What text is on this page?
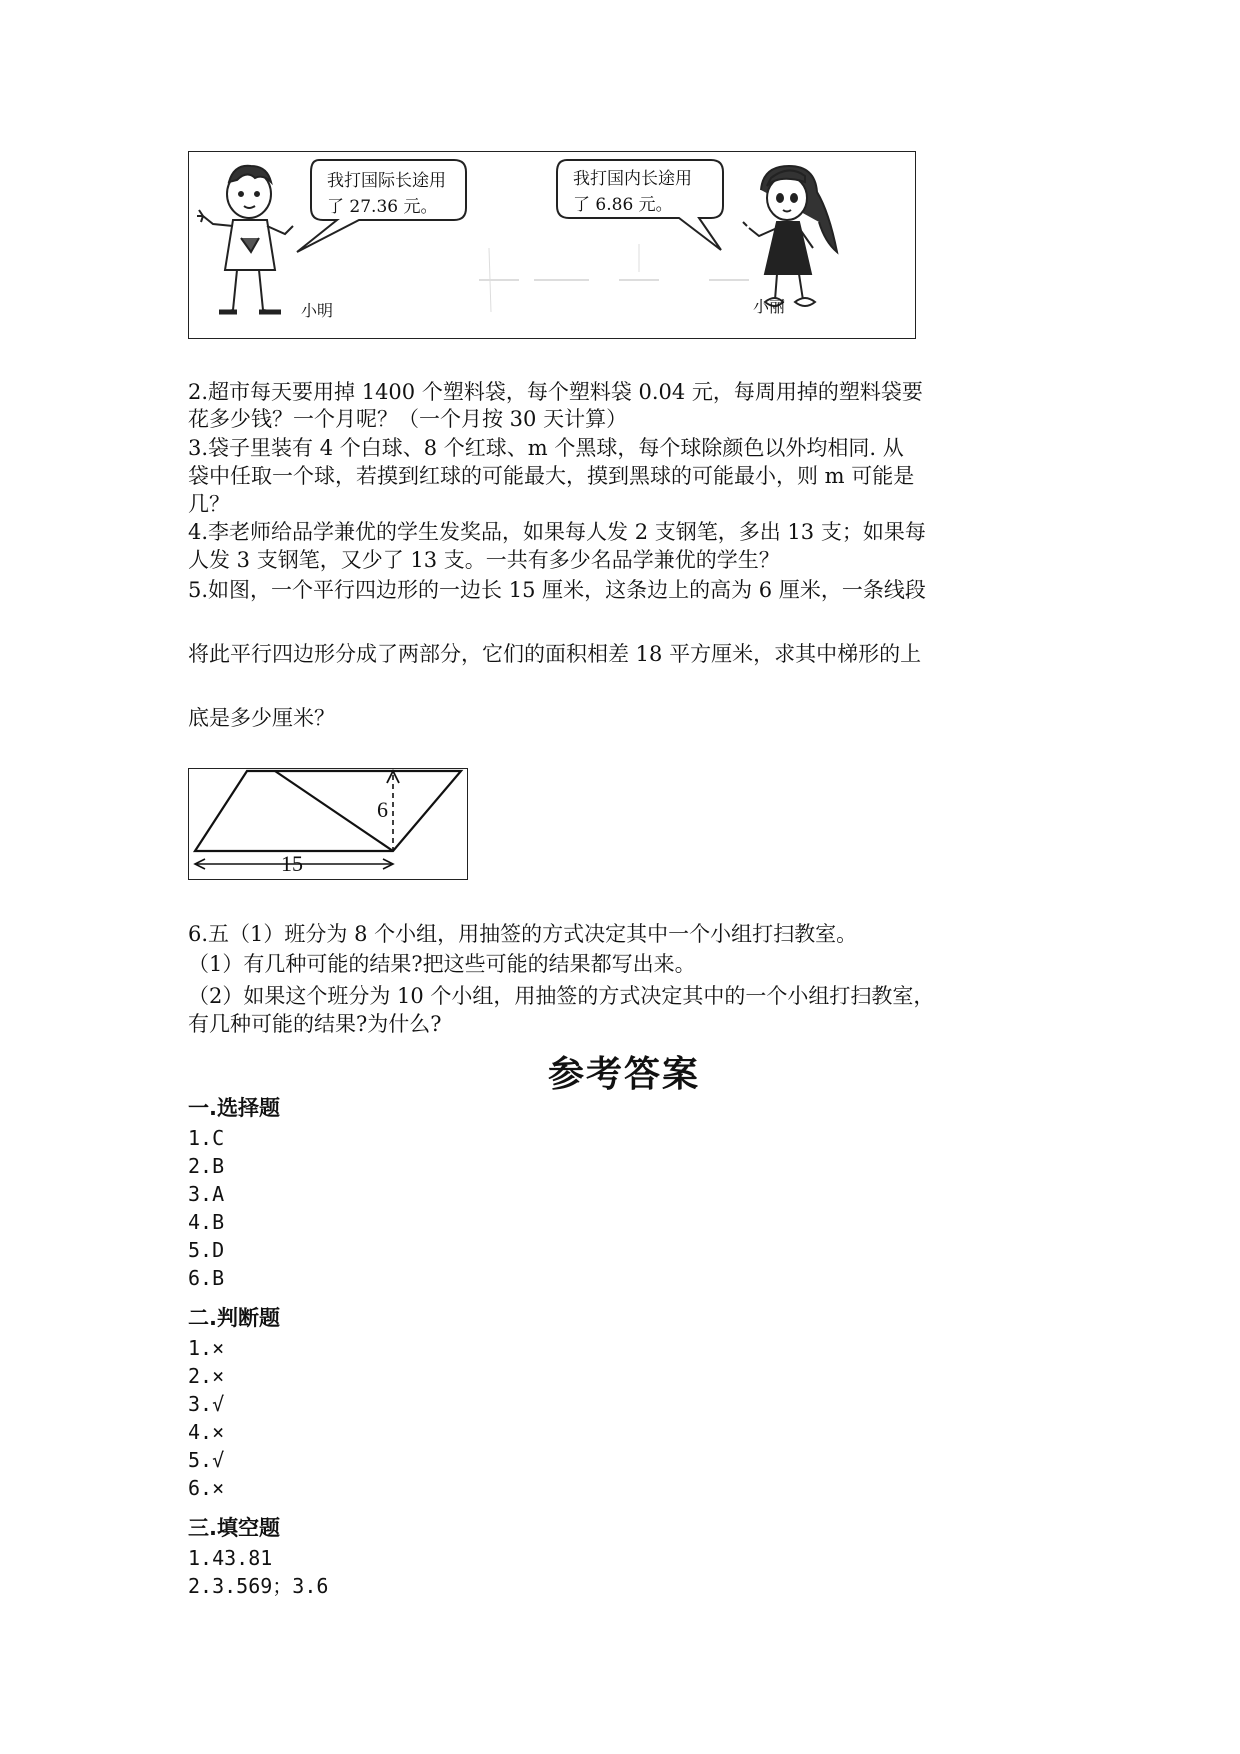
我打国际长途用
了 27.36 元。
我打国内长途用
了 6.86 元。
小明	小丽
2.超市每天要用掉 1400 个塑料袋，每个塑料袋 0.04 元，每周用掉的塑料袋要
花多少钱？一个月呢？（一个月按 30 天计算）
3.袋子里装有 4 个白球、8 个红球、m 个黑球，每个球除颜色以外均相同. 从
袋中任取一个球，若摸到红球的可能最大，摸到黑球的可能最小，则 m 可能是
几？
4.李老师给品学兼优的学生发奖品，如果每人发 2 支钢笔，多出 13 支；如果每
人发 3 支钢笔，又少了 13 支。一共有多少名品学兼优的学生？
5.如图，一个平行四边形的一边长 15 厘米，这条边上的高为 6 厘米，一条线段
将此平行四边形分成了两部分，它们的面积相差 18 平方厘米，求其中梯形的上
底是多少厘米？
6
15
6.五（1）班分为 8 个小组，用抽签的方式决定其中一个小组打扫教室。
（1）有几种可能的结果?把这些可能的结果都写出来。
（2）如果这个班分为 10 个小组，用抽签的方式决定其中的一个小组打扫教室，
有几种可能的结果?为什么?
参考答案
一.选择题
1.C
2.B
3.A
4.B
5.D
6.B
二.判断题
1.×
2.×
3.√
4.×
5.√
6.×
三.填空题
1.43.81
2.3.569；3.6
